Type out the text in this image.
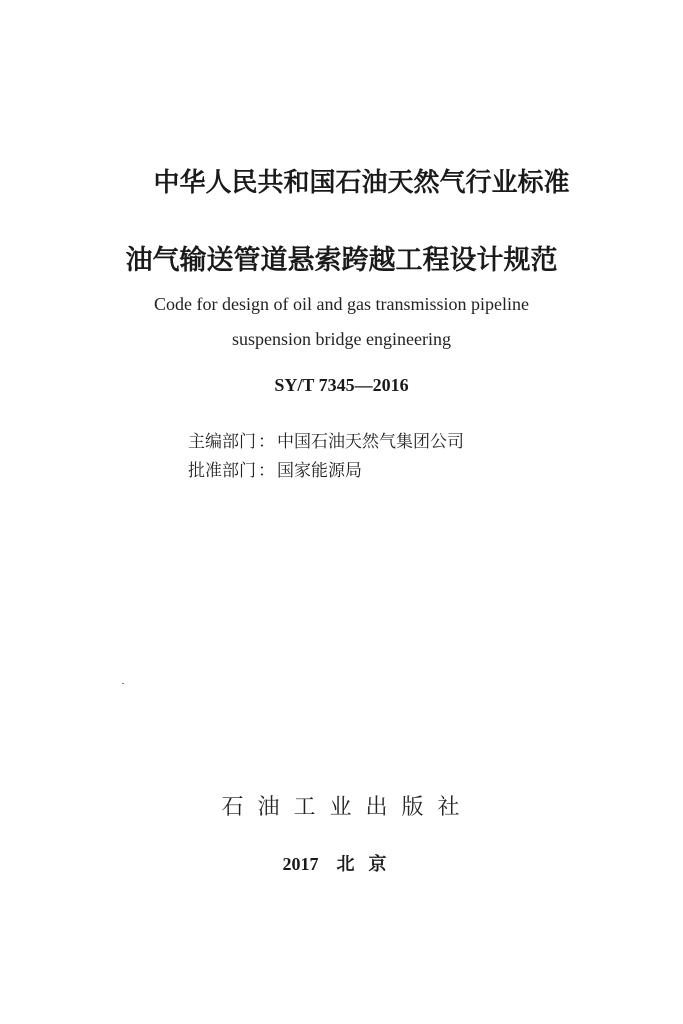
中华人民共和国石油天然气行业标准
油气输送管道悬索跨越工程设计规范
Code for design of oil and gas transmission pipeline
suspension bridge engineering
SY/T 7345—2016
主编部门 ： 中国石油天然气集团公司
批准部门 ： 国家能源局
石油工业出版社
2017 北京
